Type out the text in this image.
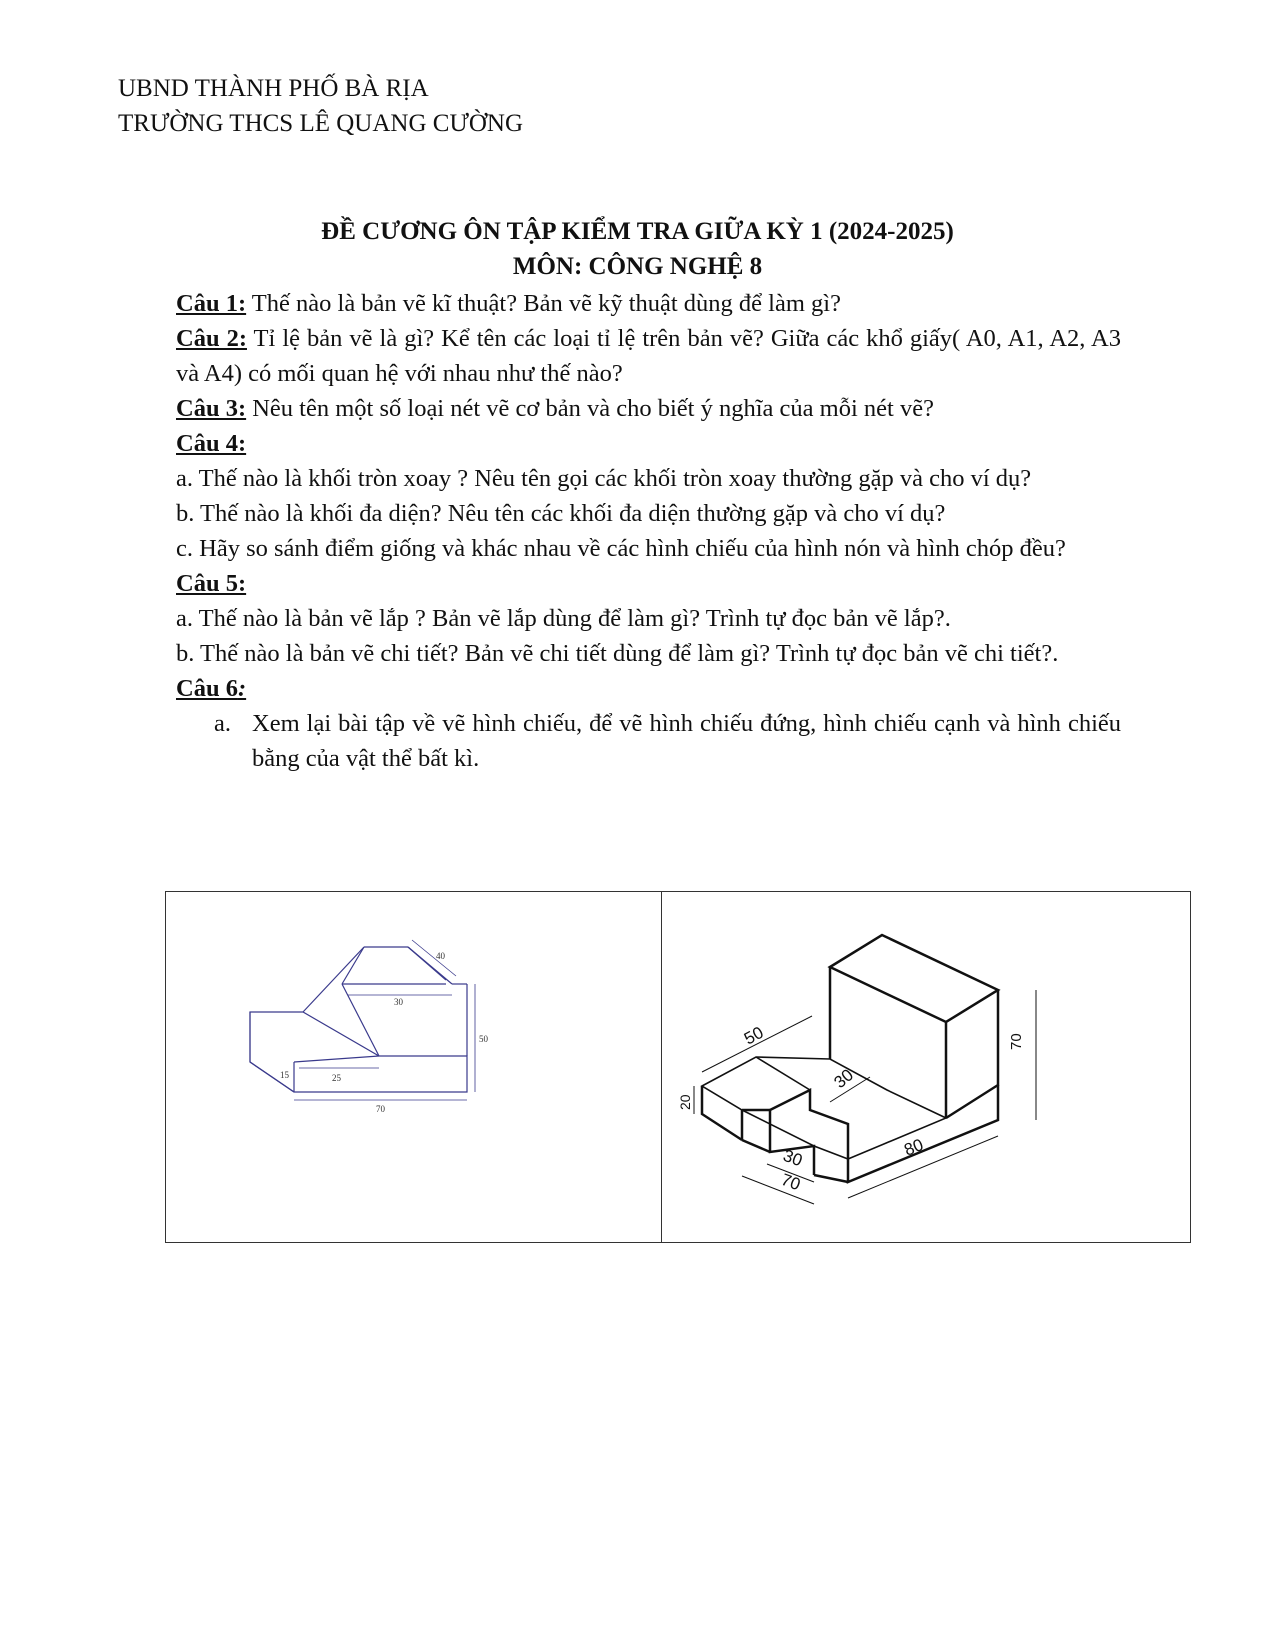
UBND THÀNH PHỐ BÀ RỊA
TRƯỜNG THCS LÊ QUANG CƯỜNG
ĐỀ CƯƠNG ÔN TẬP KIỂM TRA GIỮA KỲ 1 (2024-2025)
MÔN: CÔNG NGHỆ 8

Câu 1: Thế nào là bản vẽ kĩ thuật? Bản vẽ kỹ thuật dùng để làm gì?

Câu 2: Tỉ lệ bản vẽ là gì? Kể tên các loại tỉ lệ trên bản vẽ? Giữa các khổ giấy( A0, A1, A2, A3 và A4) có mối quan hệ với nhau như thế nào?

Câu 3: Nêu tên một số loại nét vẽ cơ bản và cho biết ý nghĩa của mỗi nét vẽ?

Câu 4:

a. Thế nào là khối tròn xoay ? Nêu tên gọi các khối tròn xoay thường gặp và cho ví dụ?

b. Thế nào là khối đa diện? Nêu tên các khối đa diện thường gặp và cho ví dụ?

c. Hãy so sánh điểm giống và khác nhau về các hình chiếu của hình nón và hình chóp đều?

Câu 5:

a. Thế nào là bản vẽ lắp ? Bản vẽ lắp dùng để làm gì? Trình tự đọc bản vẽ lắp?.

b. Thế nào là bản vẽ chi tiết? Bản vẽ chi tiết dùng để làm gì? Trình tự đọc bản vẽ chi tiết?.

Câu 6:

a. Xem lại bài tập về vẽ hình chiếu, để vẽ hình chiếu đứng, hình chiếu cạnh và hình chiếu bằng của vật thể bất kì.
40
30
50
15	25
70
50
20
30
70
30
70
80
